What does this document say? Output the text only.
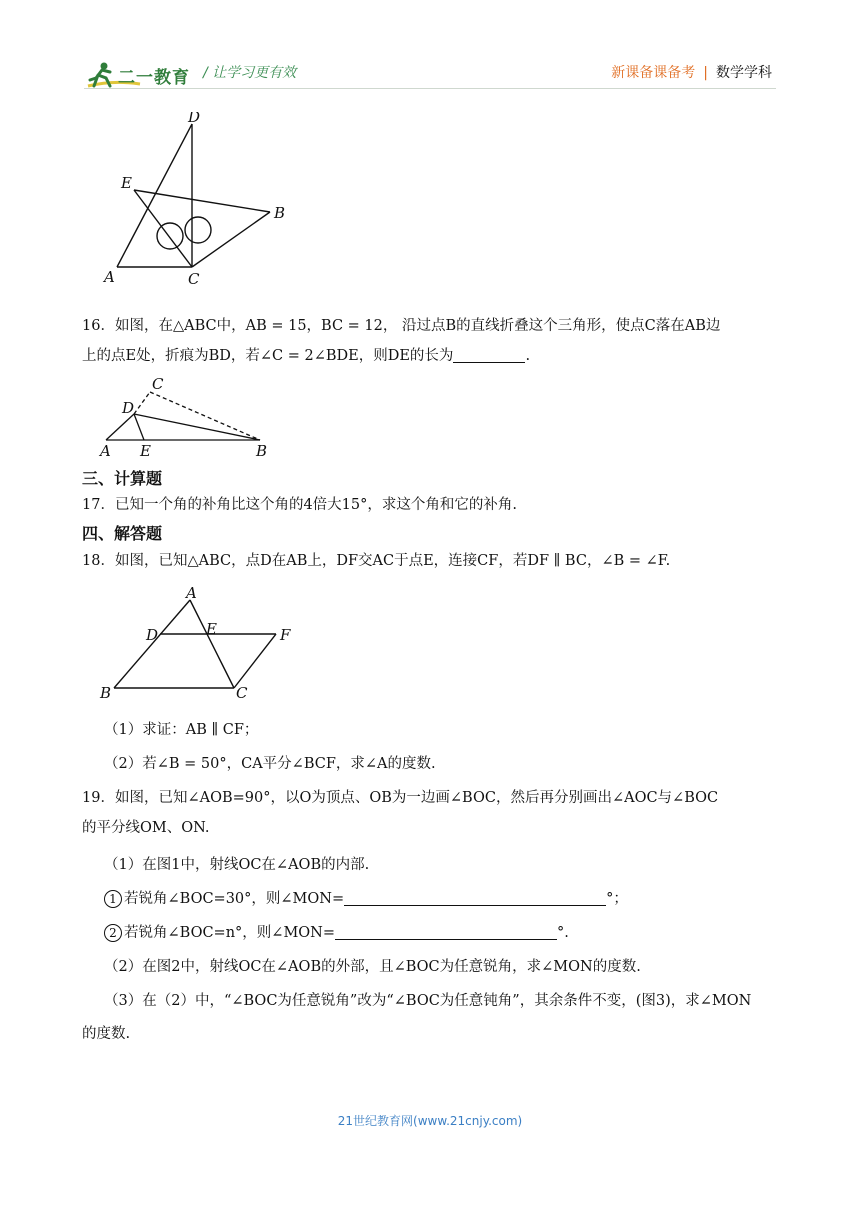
二一教育 / 让学习更有效	新课备课备考 | 数学学科
D
E
B
A	C
16．如图，在△ABC中，AB = 15，BC = 12， 沿过点B的直线折叠这个三角形，使点C落在AB边
上的点E处，折痕为BD，若∠C = 2∠BDE，则DE的长为	.
C
D
A E	B
三、计算题
17．已知一个角的补角比这个角的4倍大15°，求这个角和它的补角.
四、解答题
18．如图，已知△ABC，点D在AB上，DF交AC于点E，连接CF，若DF ∥ BC，∠B = ∠F.
A
D	E	F
B	C
（1）求证：AB ∥ CF；
（2）若∠B = 50°，CA平分∠BCF，求∠A的度数.
19．如图，已知∠AOB=90°，以O为顶点、OB为一边画∠BOC，然后再分别画出∠AOC与∠BOC
的平分线OM、ON.
（1）在图1中，射线OC在∠AOB的内部.
1 若锐角∠BOC=30°，则∠MON=	°；
2 若锐角∠BOC=n°，则∠MON=	°.
（2）在图2中，射线OC在∠AOB的外部，且∠BOC为任意锐角，求∠MON的度数.
（3）在（2）中，“∠BOC为任意锐角”改为“∠BOC为任意钝角”，其余条件不变，(图3)，求∠MON
的度数.
21世纪教育网(www.21cnjy.com)
